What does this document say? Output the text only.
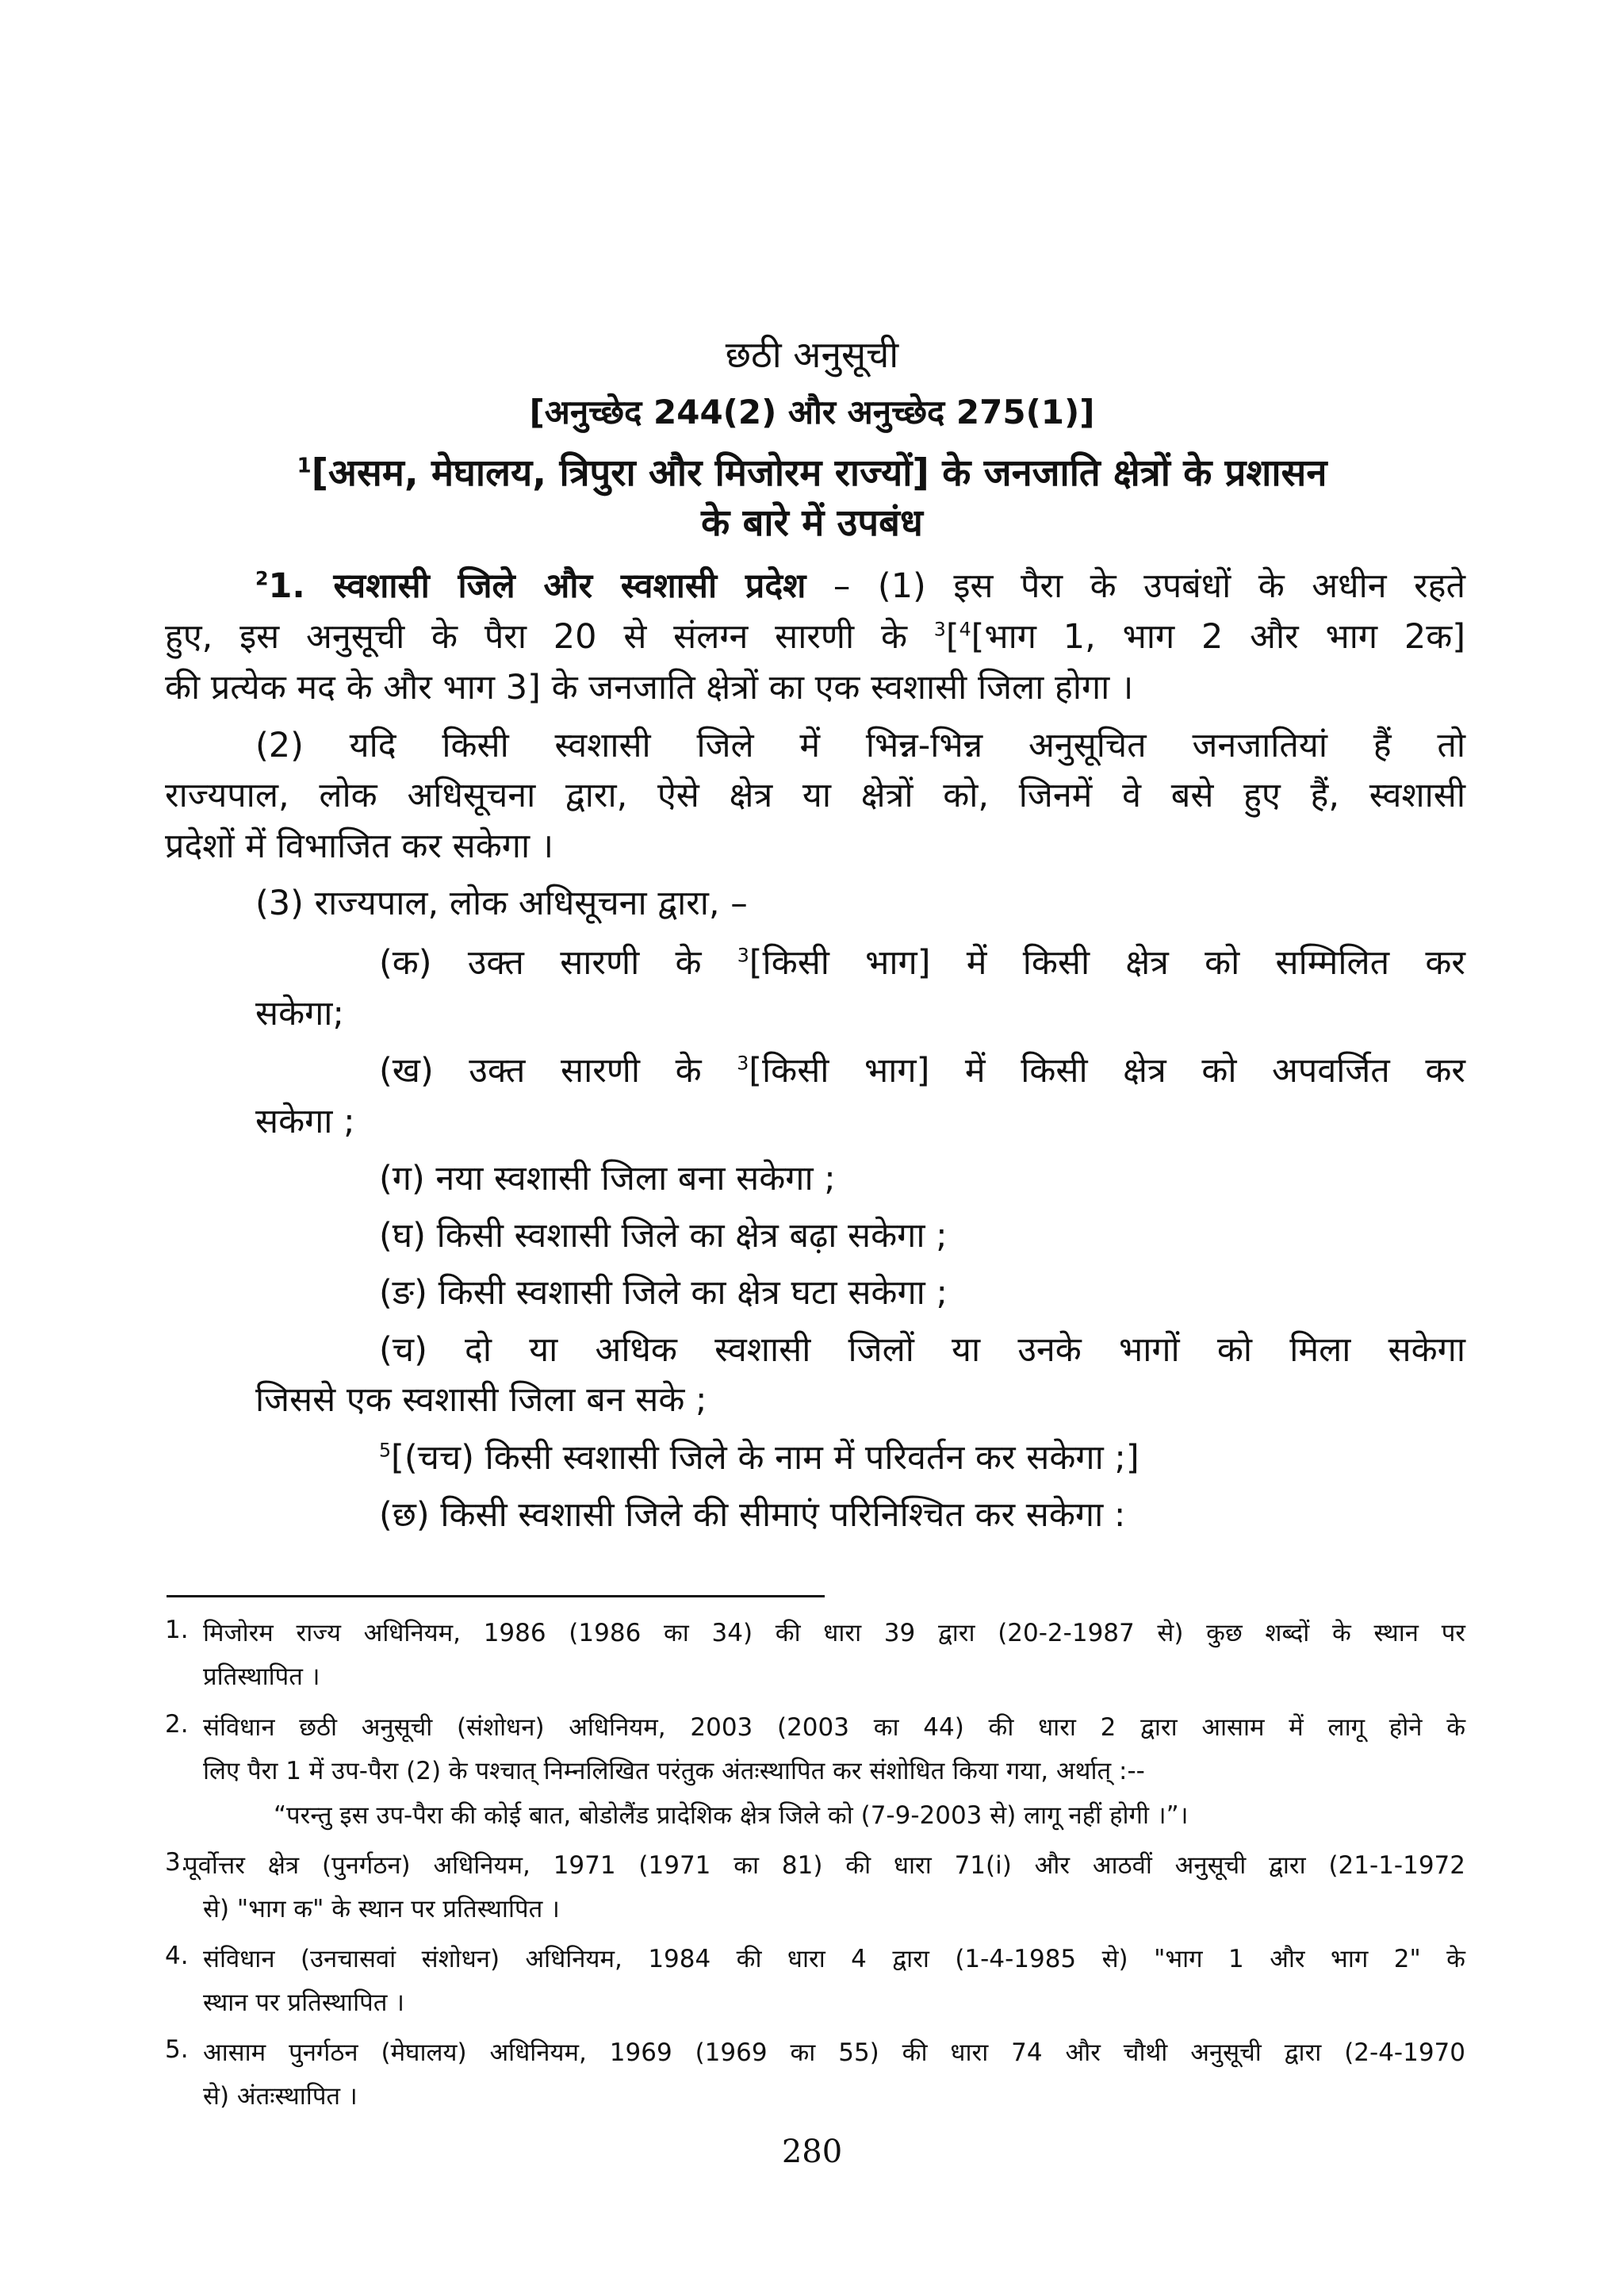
छठी अनुसूची
[अनुच्छेद 244(2) और अनुच्छेद 275(1)]
$^1$[असम, मेघालय, त्रिपुरा और मिजोरम राज्यों] के जनजाति क्षेत्रों के प्रशासन
के बारे में उपबंध
$^2$1. स्वशासी जिले और स्वशासी प्रदेश – (1) इस पैरा के उपबंधों के अधीन रहते
हुए, इस अनुसूची के पैरा 20 से संलग्न सारणी के $^3$[$^4$[भाग 1, भाग 2 और भाग 2क]
की प्रत्येक मद के और भाग 3] के जनजाति क्षेत्रों का एक स्वशासी जिला होगा ।
(2) यदि किसी स्वशासी जिले में भिन्न-भिन्न अनुसूचित जनजातियां हैं तो
राज्यपाल, लोक अधिसूचना द्वारा, ऐसे क्षेत्र या क्षेत्रों को, जिनमें वे बसे हुए हैं, स्वशासी
प्रदेशों में विभाजित कर सकेगा ।
(3) राज्यपाल, लोक अधिसूचना द्वारा, –
(क) उक्त सारणी के $^3$[किसी भाग] में किसी क्षेत्र को सम्मिलित कर
सकेगा;
(ख) उक्त सारणी के $^3$[किसी भाग] में किसी क्षेत्र को अपवर्जित कर
सकेगा ;
(ग) नया स्वशासी जिला बना सकेगा ;
(घ) किसी स्वशासी जिले का क्षेत्र बढ़ा सकेगा ;
(ङ) किसी स्वशासी जिले का क्षेत्र घटा सकेगा ;
(च) दो या अधिक स्वशासी जिलों या उनके भागों को मिला सकेगा
जिससे एक स्वशासी जिला बन सके ;
$^5$[(चच) किसी स्वशासी जिले के नाम में परिवर्तन कर सकेगा ;]
(छ) किसी स्वशासी जिले की सीमाएं परिनिश्चित कर सकेगा :
1. मिजोरम राज्य अधिनियम, 1986 (1986 का 34) की धारा 39 द्वारा (20-2-1987 से) कुछ शब्दों के स्थान पर
प्रतिस्थापित ।
2. संविधान छठी अनुसूची (संशोधन) अधिनियम, 2003 (2003 का 44) की धारा 2 द्वारा आसाम में लागू होने के
लिए पैरा 1 में उप-पैरा (2) के पश्चात् निम्नलिखित परंतुक अंतःस्थापित कर संशोधित किया गया, अर्थात् :--
“परन्तु इस उप-पैरा की कोई बात, बोडोलैंड प्रादेशिक क्षेत्र जिले को (7-9-2003 से) लागू नहीं होगी ।”।
3.
पूर्वोत्तर क्षेत्र (पुनर्गठन) अधिनियम, 1971 (1971 का 81) की धारा 71(i) और आठवीं अनुसूची द्वारा (21-1-1972
से) "भाग क" के स्थान पर प्रतिस्थापित ।
4. संविधान (उनचासवां संशोधन) अधिनियम, 1984 की धारा 4 द्वारा (1-4-1985 से) "भाग 1 और भाग 2" के
स्थान पर प्रतिस्थापित ।
5. आसाम पुनर्गठन (मेघालय) अधिनियम, 1969 (1969 का 55) की धारा 74 और चौथी अनुसूची द्वारा (2-4-1970
से) अंतःस्थापित ।
280
